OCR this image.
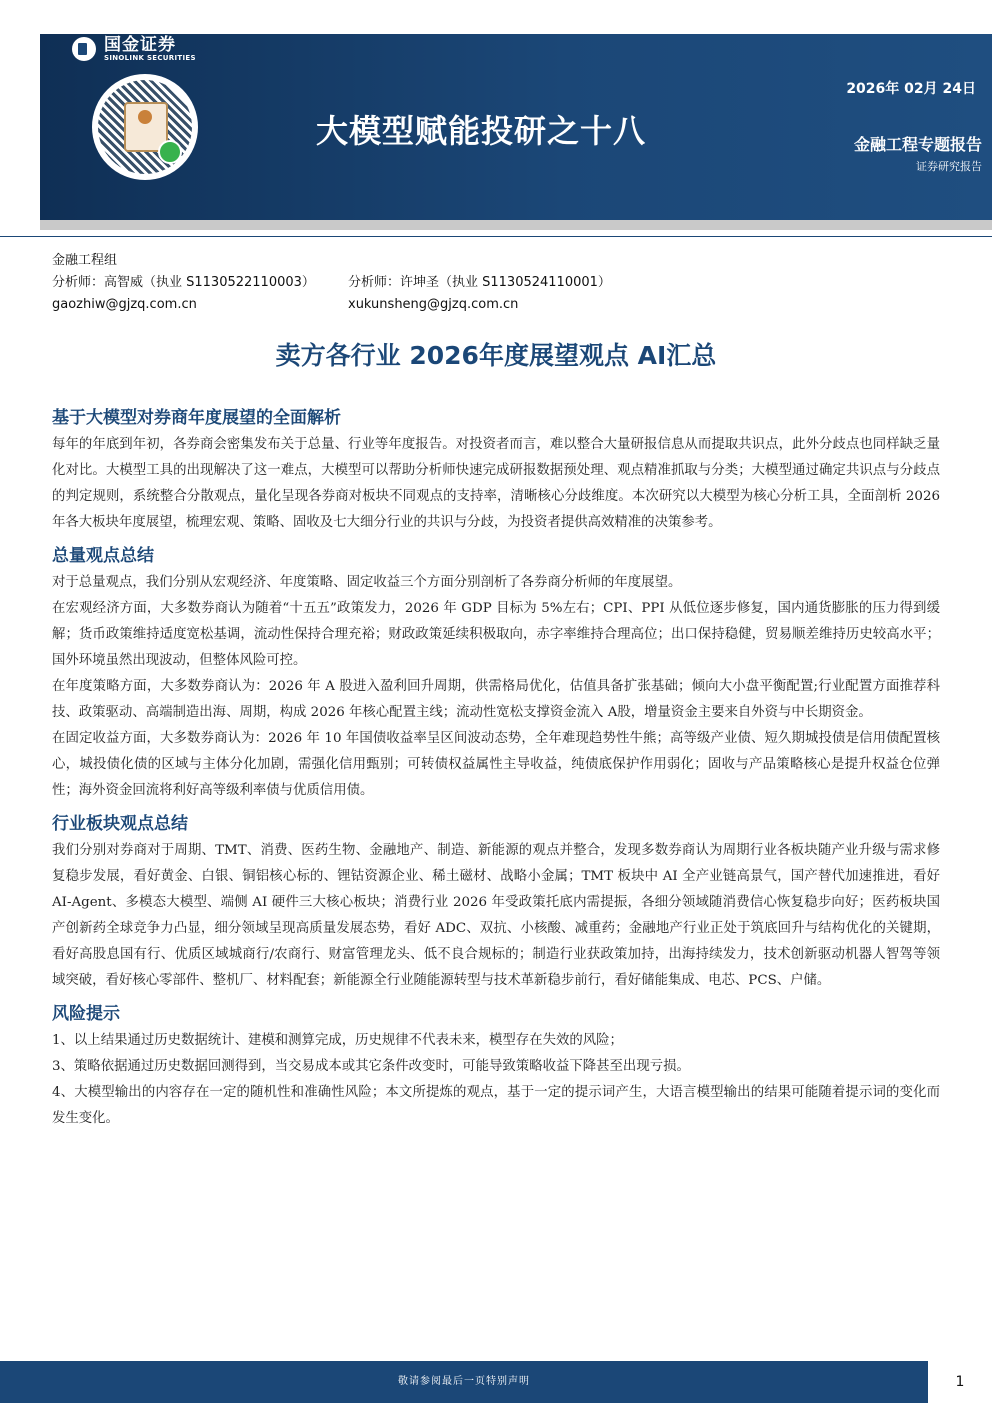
国金证券
SINOLINK SECURITIES
2026年 02月 24日
大模型赋能投研之十八	金融工程专题报告
证券研究报告
金融工程组
分析师：高智威（执业 S1130522110003）	分析师：许坤圣（执业 S1130524110001）
gaozhiw@gjzq.com.cn	xukunsheng@gjzq.com.cn
卖方各行业 2026年度展望观点 AI汇总
基于大模型对券商年度展望的全面解析

每年的年底到年初，各券商会密集发布关于总量、行业等年度报告。对投资者而言，难以整合大量研报信息从而提取共识点，此外分歧点也同样缺乏量化对比。大模型工具的出现解决了这一难点，大模型可以帮助分析师快速完成研报数据预处理、观点精准抓取与分类；大模型通过确定共识点与分歧点的判定规则，系统整合分散观点，量化呈现各券商对板块不同观点的支持率，清晰核心分歧维度。本次研究以大模型为核心分析工具，全面剖析 2026年各大板块年度展望，梳理宏观、策略、固收及七大细分行业的共识与分歧，为投资者提供高效精准的决策参考。

总量观点总结

对于总量观点，我们分别从宏观经济、年度策略、固定收益三个方面分别剖析了各券商分析师的年度展望。

在宏观经济方面，大多数券商认为随着“十五五”政策发力，2026 年 GDP 目标为 5%左右；CPI、PPI 从低位逐步修复，国内通货膨胀的压力得到缓解；货币政策维持适度宽松基调，流动性保持合理充裕；财政政策延续积极取向，赤字率维持合理高位；出口保持稳健，贸易顺差维持历史较高水平；国外环境虽然出现波动，但整体风险可控。

在年度策略方面，大多数券商认为：2026 年 A 股进入盈利回升周期，供需格局优化，估值具备扩张基础；倾向大小盘平衡配置;行业配置方面推荐科技、政策驱动、高端制造出海、周期，构成 2026 年核心配置主线；流动性宽松支撑资金流入 A股，增量资金主要来自外资与中长期资金。

在固定收益方面，大多数券商认为：2026 年 10 年国债收益率呈区间波动态势，全年难现趋势性牛熊；高等级产业债、短久期城投债是信用债配置核心，城投债化债的区域与主体分化加剧，需强化信用甄别；可转债权益属性主导收益，纯债底保护作用弱化；固收与产品策略核心是提升权益仓位弹性；海外资金回流将利好高等级利率债与优质信用债。

行业板块观点总结

我们分别对券商对于周期、TMT、消费、医药生物、金融地产、制造、新能源的观点并整合，发现多数券商认为周期行业各板块随产业升级与需求修复稳步发展，看好黄金、白银、铜铝核心标的、锂钴资源企业、稀土磁材、战略小金属；TMT 板块中 AI 全产业链高景气，国产替代加速推进，看好 AI-Agent、多模态大模型、端侧 AI 硬件三大核心板块；消费行业 2026 年受政策托底内需提振，各细分领域随消费信心恢复稳步向好；医药板块国产创新药全球竞争力凸显，细分领域呈现高质量发展态势，看好 ADC、双抗、小核酸、减重药；金融地产行业正处于筑底回升与结构优化的关键期，看好高股息国有行、优质区域城商行/农商行、财富管理龙头、低不良合规标的；制造行业获政策加持，出海持续发力，技术创新驱动机器人智驾等领域突破，看好核心零部件、整机厂、材料配套；新能源全行业随能源转型与技术革新稳步前行，看好储能集成、电芯、PCS、户储。

风险提示

1、以上结果通过历史数据统计、建模和测算完成，历史规律不代表未来，模型存在失效的风险；

3、策略依据通过历史数据回测得到，当交易成本或其它条件改变时，可能导致策略收益下降甚至出现亏损。

4、大模型输出的内容存在一定的随机性和准确性风险；本文所提炼的观点，基于一定的提示词产生，大语言模型输出的结果可能随着提示词的变化而发生变化。

敬请参阅最后一页特别声明	1
